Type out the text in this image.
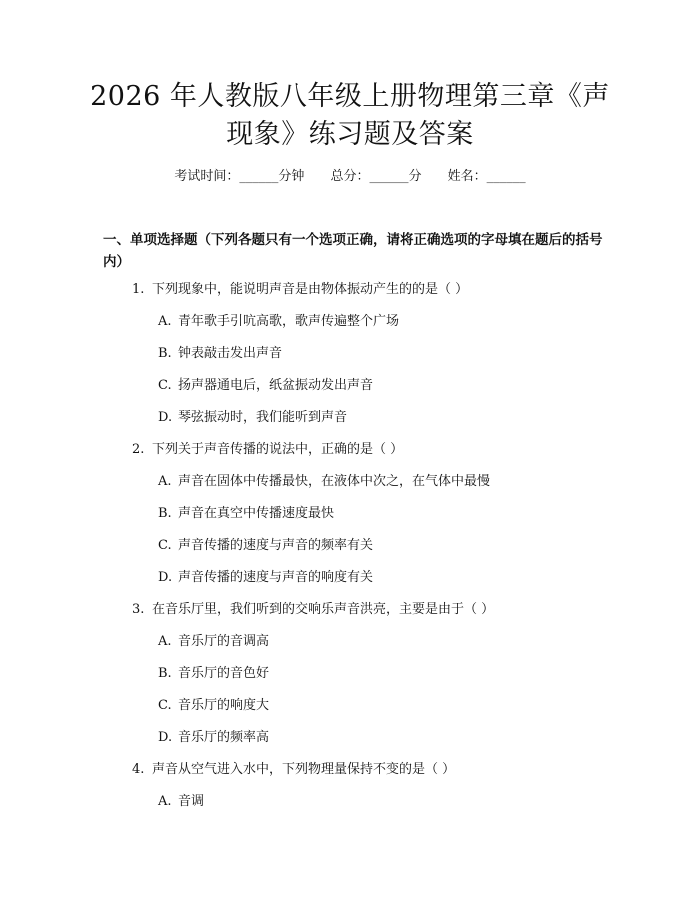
2026 年人教版八年级上册物理第三章《声现象》练习题及答案
考试时间：______分钟 总分：______分 姓名：______
一、单项选择题（下列各题只有一个选项正确，请将正确选项的字母填在题后的括号内）
1. 下列现象中，能说明声音是由物体振动产生的的是（ ）
A. 青年歌手引吭高歌，歌声传遍整个广场
B. 钟表敲击发出声音
C. 扬声器通电后，纸盆振动发出声音
D. 琴弦振动时，我们能听到声音
2. 下列关于声音传播的说法中，正确的是（ ）
A. 声音在固体中传播最快，在液体中次之，在气体中最慢
B. 声音在真空中传播速度最快
C. 声音传播的速度与声音的频率有关
D. 声音传播的速度与声音的响度有关
3. 在音乐厅里，我们听到的交响乐声音洪亮，主要是由于（ ）
A. 音乐厅的音调高
B. 音乐厅的音色好
C. 音乐厅的响度大
D. 音乐厅的频率高
4. 声音从空气进入水中，下列物理量保持不变的是（ ）
A. 音调
